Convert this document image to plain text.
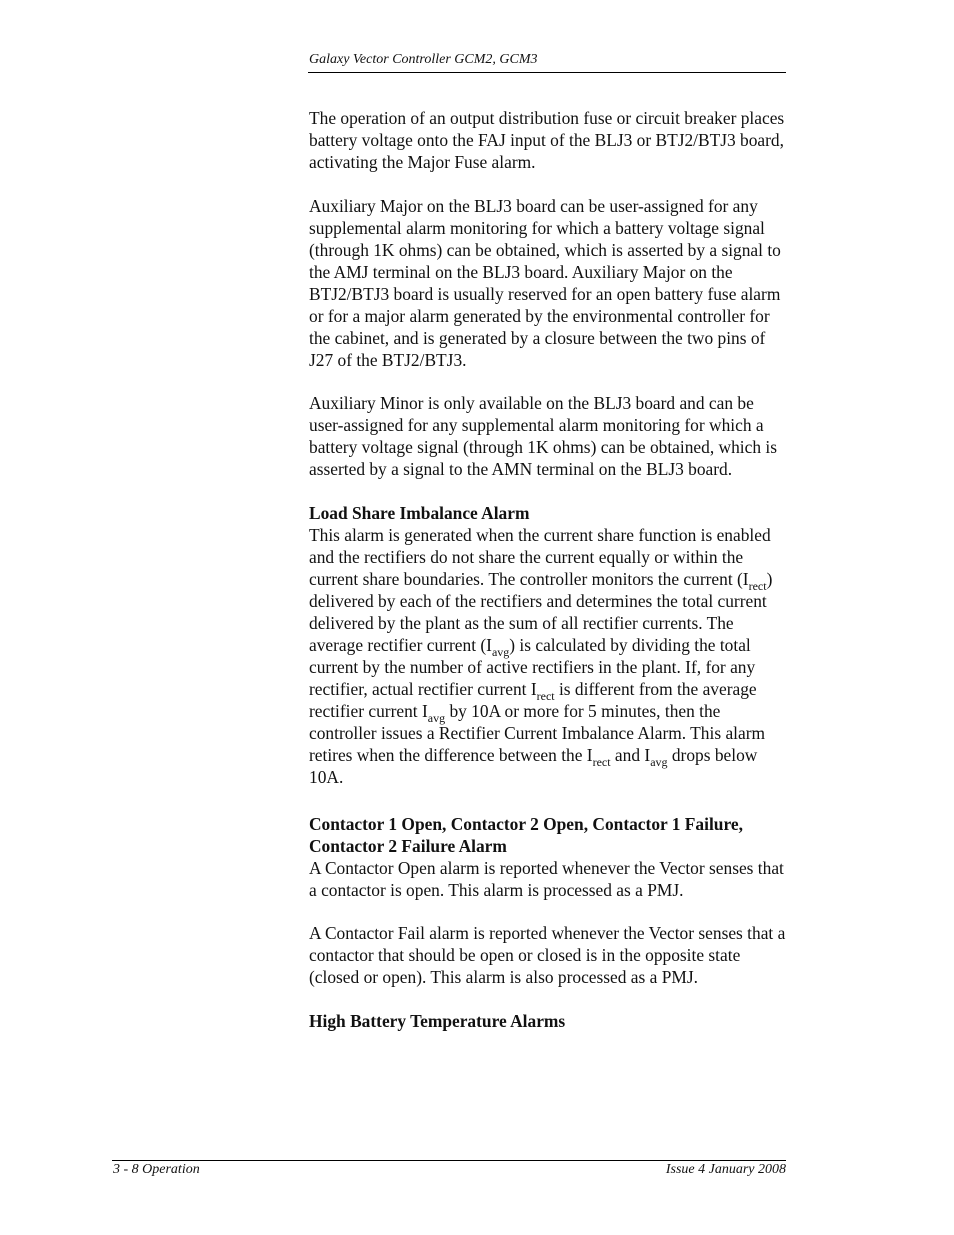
Galaxy Vector Controller GCM2, GCM3

The operation of an output distribution fuse or circuit breaker places battery voltage onto the FAJ input of the BLJ3 or BTJ2/BTJ3 board, activating the Major Fuse alarm.

Auxiliary Major on the BLJ3 board can be user-assigned for any supplemental alarm monitoring for which a battery voltage signal (through 1K ohms) can be obtained, which is asserted by a signal to the AMJ terminal on the BLJ3 board. Auxiliary Major on the BTJ2/BTJ3 board is usually reserved for an open battery fuse alarm or for a major alarm generated by the environmental controller for the cabinet, and is generated by a closure between the two pins of J27 of the BTJ2/BTJ3.

Auxiliary Minor is only available on the BLJ3 board and can be user-assigned for any supplemental alarm monitoring for which a battery voltage signal (through 1K ohms) can be obtained, which is asserted by a signal to the AMN terminal on the BLJ3 board.

Load Share Imbalance Alarm
This alarm is generated when the current share function is enabled and the rectifiers do not share the current equally or within the current share boundaries. The controller monitors the current $(I_{rect})$ delivered by each of the rectifiers and determines the total current delivered by the plant as the sum of all rectifier currents. The average rectifier current $(I_{avg})$ is calculated by dividing the total current by the number of active rectifiers in the plant. If, for any rectifier, actual rectifier current $I_{rect}$ is different from the average rectifier current $I_{avg}$ by 10A or more for 5 minutes, then the controller issues a Rectifier Current Imbalance Alarm. This alarm retires when the difference between the $I_{rect}$ and $I_{avg}$ drops below 10A.

Contactor 1 Open, Contactor 2 Open, Contactor 1 Failure,
Contactor 2 Failure Alarm
A Contactor Open alarm is reported whenever the Vector senses that a contactor is open. This alarm is processed as a PMJ.

A Contactor Fail alarm is reported whenever the Vector senses that a contactor that should be open or closed is in the opposite state (closed or open). This alarm is also processed as a PMJ.

High Battery Temperature Alarms

3 - 8 Operation	Issue 4 January 2008
